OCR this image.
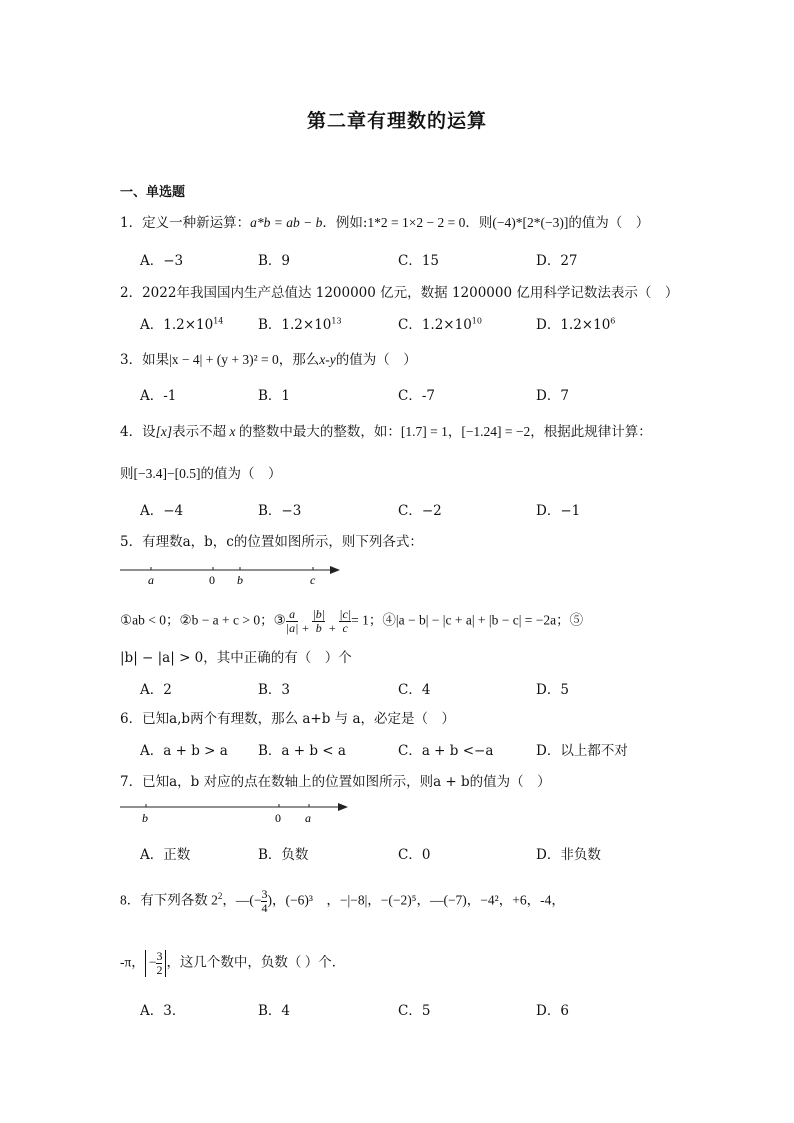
第二章有理数的运算
一、单选题
1．定义一种新运算：a*b = ab − b．例如:1*2 = 1×2 − 2 = 0．则(−4)*[2*(−3)]的值为（　）
A．−3	B．9	C．15	D．27
2．2022年我国国内生产总值达 1200000 亿元，数据 1200000 亿用科学记数法表示（　）
A．$1.2\times 10^{14}$	B．$1.2\times 10^{13}$	C．$1.2\times 10^{10}$	D．$1.2\times 10^6$
3．如果|x − 4| + (y + 3)² = 0，那么x-y的值为（　）
A．-1	B．1	C．-7	D．7
4．设[x]表示不超 x 的整数中最大的整数，如：[1.7] = 1，[−1.24] = −2，根据此规律计算：
则[−3.4]−[0.5]的值为（　）
A．−4	B．−3	C．−2	D．−1
5．有理数a，b，c的位置如图所示，则下列各式：
a	0 b	c
①ab < 0；②b − a + c > 0；③ $\frac{a}{|a|} + \frac{|b|}{b} + \frac{|c|}{c} = 1$；④|a − b| − |c + a| + |b − c| = −2a；⑤
|b| − |a| > 0，其中正确的有（　）个
A．2	B．3	C．4	D．5
6．已知a,b两个有理数，那么 a+b 与 a，必定是（　）
A．a + b > a B．a + b < a	C．a + b <−a	D．以上都不对
7．已知a，b 对应的点在数轴上的位置如图所示，则a + b的值为（　）
b	0 a
A．正数	B．负数	C．0	D．非负数
8．有下列各数 $2^2$，—(− $\frac{3}{4}$ )，(−6)³　，−|−8|，−(−2)⁵，—(−7)，−4²，+6，-4，
-π， − $\frac{3}{2}$ ，这几个数中，负数（ ）个．
A．3．	B．4	C．5	D．6
